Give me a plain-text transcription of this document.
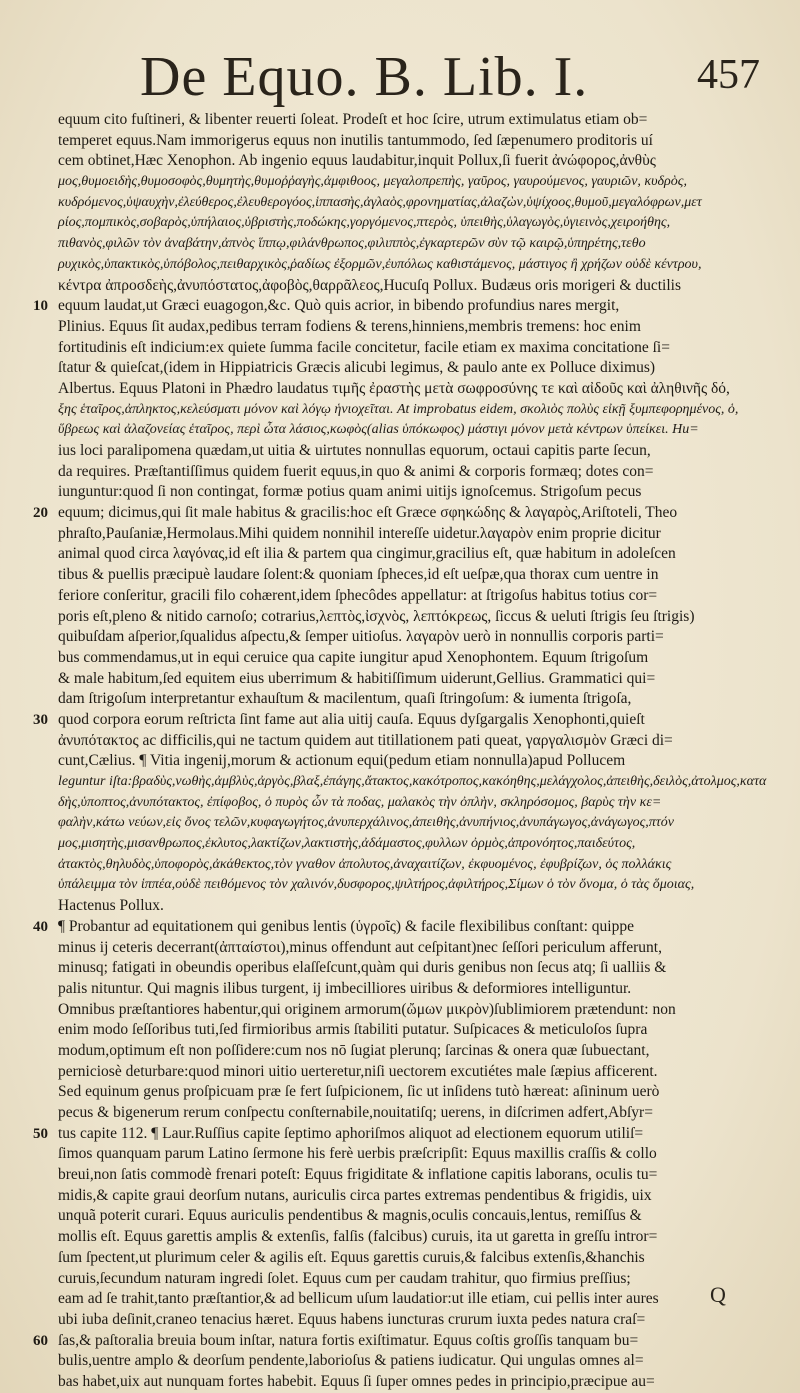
De Equo. B. Lib. I.	457
equum cito fuſtineri, & libenter reuerti ſoleat. Prodeſt et hoc ſcire, utrum extimulatus etiam ob=
temperet equus.Nam immorigerus equus non inutilis tantummodo, ſed ſæpenumero proditoris uí
cem obtinet,Hæc Xenophon. Ab ingenio equus laudabitur,inquit Pollux,ſi fuerit ἀνώφορος,ἀνθὺς
μος,θυμοειδὴς,θυμοσοφὸς,θυμητὴς,θυμοῤῥαγὴς,ἀμφιθοος, μεγαλοπρεπὴς, γαῦρος, γαυρούμενος, γαυριῶν, κυδρὸς,
κυδρόμενος,ὑψαυχὴν,ἐλεύθερος,ἐλευθερογόος,ἱππασὴς,ἀγλαὸς,φρονηματίας,ἀλαζὼν,ὑψίχοος,θυμοῦ,μεγαλόφρων,μετ
ρίος,πομπικὸς,σοβαρὸς,ὑπήλαιος,ὑβριστὴς,ποδώκης,γοργόμενος,πτερὸς, ὑπειθὴς,ὑλαγωγὸς,ὑγιεινὸς,χειροήθης,
πιθανὸς,φιλῶν τὸν ἀναβάτην,ἀπνὸς ἵππῳ,φιλάνθρωπος,φιλιππὸς,ἐγκαρτερῶν σὺν τῷ καιρῷ,ὑπηρέτης,τεθο
ρυχικὸς,ὑπακτικὸς,ὑπόβολος,πειθαρχικὸς,ῥαδίως ἐξορμῶν,ἐυπόλως καθιστάμενος, μάστιγος ἢ χρήζων οὐδὲ κέντρου,
κέντρα ἀπροσδεὴς,ἀνυπόστατος,ἀφοβὸς,θαρρᾶλεος,Hucuſq Pollux. Budæus oris morigeri & ductilis
10 equum laudat,ut Græci euagogon,&c. Quò quis acrior, in bibendo profundius nares mergit,
Plinius. Equus ſit audax,pedibus terram fodiens & terens,hinniens,membris tremens: hoc enim
fortitudinis eſt indicium:ex quiete ſumma facile concitetur, facile etiam ex maxima concitatione ſi=
ſtatur & quieſcat,(idem in Hippiatricis Græcis alicubi legimus, & paulo ante ex Polluce diximus)
Albertus. Equus Platoni in Phædro laudatus τιμῆς ἐραστὴς μετὰ σωφροσύνης τε καὶ αἰδοῦς καὶ ἀληθινῆς δό,
ξης ἑταῖρος,ἀπληκτος,κελεύσματι μόνον καὶ λόγῳ ἡνιοχεῖται. At improbatus eidem, σκολιὸς πολὺς εἰκῇ ξυμπεφορημένος, ὁ,
ὕβρεως καὶ ἀλαζονείας ἑταῖρος, περὶ ὦτα λάσιος,κωφὸς(alias ὑπόκωφος) μάστιγι μόνον μετὰ κέντρων ὑπείκει. Hu=
ius loci paralipomena quædam,ut uitia & uirtutes nonnullas equorum, octaui capitis parte ſecun,
da requires. Præſtantiſſimus quidem fuerit equus,in quo & animi & corporis formæq; dotes con=
iunguntur:quod ſi non contingat, formæ potius quam animi uitijs ignoſcemus. Strigoſum pecus
20 equum; dicimus,qui ſit male habitus & gracilis:hoc eſt Græce σφηκώδης & λαγαρὸς,Ariſtoteli, Theo
phraſto,Pauſaniæ,Hermolaus.Mihi quidem nonnihil intereſſe uidetur.λαγαρὸν enim proprie dicitur
animal quod circa λαγόνας,id eſt ilia & partem qua cingimur,gracilius eſt, quæ habitum in adoleſcen
tibus & puellis præcipuè laudare ſolent:& quoniam ſpheces,id eſt ueſpæ,qua thorax cum uentre in
feriore conſeritur, gracili filo cohærent,idem ſphecôdes appellatur: at ſtrigoſus habitus totius cor=
poris eſt,pleno & nitido carnoſo; cotrarius,λεπτὸς,ἰσχνὸς, λεπτόκρεως, ſiccus & ueluti ſtrigis ſeu ſtrigis)
quibuſdam aſperior,ſqualidus aſpectu,& ſemper uitioſus. λαγαρὸν uerò in nonnullis corporis parti=
bus commendamus,ut in equi ceruice qua capite iungitur apud Xenophontem. Equum ſtrigoſum
& male habitum,ſed equitem eius uberrimum & habitiſſimum uiderunt,Gellius. Grammatici qui=
dam ſtrigoſum interpretantur exhauſtum & macilentum, quaſi ſtringoſum: & iumenta ſtrigoſa,
30 quod corpora eorum reſtricta ſint fame aut alia uitij cauſa. Equus dyſgargalis Xenophonti,quieſt
ἀνυπότακτος ac difficilis,qui ne tactum quidem aut titillationem pati queat, γαργαλισμὸν Græci di=
cunt,Cælius. ¶ Vitia ingenij,morum & actionum equi(pedum etiam nonnulla)apud Pollucem
leguntur iſta:βραδὺς,νωθὴς,ἀμβλὺς,ἀργὸς,βλαξ,ἐπάγης,ἄτακτος,κακότροπος,κακόηθης,μελάγχολος,ἀπειθὴς,δειλὸς,ἀτολμος,κατα
δὴς,ὑποπτος,ἀνυπότακτος, ἐπίφοβος, ὁ πυρὸς ὦν τὰ ποδας, μαλακὸς τὴν ὀπλὴν, σκληρόσομος, βαρὺς τὴν κε=
φαλὴν,κάτω νεύων,εἰς ὄνος τελῶν,κυφαγωγήτος,ἀνυπερχάλινος,ἀπειθὴς,ἀνυπήνιος,ἀνυπάγωγος,ἀνάγωγος,πτόν
μος,μισητὴς,μισανθρωπος,ἐκλυτος,λακτίζων,λακτιστὴς,ἀδάμαστος,φυλλων ὀρμὸς,ἀπρονόητος,παιδεύτος,
ἀτακτὸς,θηλυδὸς,ὑποφορὸς,ἀκάθεκτος,τὸν γναθον ἀπολυτος,ἀναχαιτίζων, ἐκφυομένος, ἐφυβρίζων, ὁς πολλάκις
ὑπάλειμμα τὸν ἱππέα,οὐδὲ πειθόμενος τὸν χαλινόν,δυσφορος,ψιλτήρος,ἀφιλτήρος,Σίμων ὁ τὸν ὄνομα, ὁ τὰς ὅμοιας,
Hactenus Pollux.
40 ¶ Probantur ad equitationem qui genibus lentis (ὑγροῖς) & facile flexibilibus conſtant: quippe
minus ij ceteris decerrant(ἀπταίστοι),minus offendunt aut ceſpitant)nec ſeſſori periculum afferunt,
minusq; fatigati in obeundis operibus elaſſeſcunt,quàm qui duris genibus non ſecus atq; ſi ualliis &
palis nituntur. Qui magnis ilibus turgent, ij imbecilliores uiribus & deformiores intelliguntur.
Omnibus præſtantiores habentur,qui originem armorum(ὤμων μικρὸν)ſublimiorem prætendunt: non
enim modo ſeſſoribus tuti,ſed firmioribus armis ſtabiliti putatur. Suſpicaces & meticuloſos ſupra
modum,optimum eſt non poſſidere:cum nos nō ſugiat plerunq; ſarcinas & onera quæ ſubuectant,
perniciosè deturbare:quod minori uitio uerteretur,niſi uectorem excutiétes male ſæpius afficerent.
Sed equinum genus proſpicuam præ ſe fert ſuſpicionem, ſic ut inſidens tutò hæreat: aſininum uerò
pecus & bigenerum rerum conſpectu conſternabile,nouitatiſq; uerens, in diſcrimen adfert,Abſyr=
50 tus capite 112. ¶ Laur.Ruſſius capite ſeptimo aphoriſmos aliquot ad electionem equorum utiliſ=
ſimos quanquam parum Latino ſermone his ferè uerbis præſcripſit: Equus maxillis craſſis & collo
breui,non ſatis commodè frenari poteſt: Equus frigiditate & inflatione capitis laborans, oculis tu=
midis,& capite graui deorſum nutans, auriculis circa partes extremas pendentibus & frigidis, uix
unquã poterit curari. Equus auriculis pendentibus & magnis,oculis concauis,lentus, remiſſus &
mollis eſt. Equus garettis amplis & extenſis, falſis (falcibus) curuis, ita ut garetta in greſſu intror=
ſum ſpectent,ut plurimum celer & agilis eſt. Equus garettis curuis,& falcibus extenſis,&hanchis
curuis,ſecundum naturam ingredi ſolet. Equus cum per caudam trahitur, quo firmius preſſius;
eam ad ſe trahit,tanto præſtantior,& ad bellicum uſum laudatior:ut ille etiam, cui pellis inter aures
ubi iuba deſinit,craneo tenacius hæret. Equus habens iuncturas crurum iuxta pedes natura craſ=
60 ſas,& paſtoralia breuia boum inſtar, natura fortis exiſtimatur. Equus coſtis groſſis tanquam bu=
bulis,uentre amplo & deorſum pendente,laborioſus & patiens iudicatur. Qui ungulas omnes al=
bas habet,uix aut nunquam fortes habebit. Equus ſi ſuper omnes pedes in principio,præcipue au=
Q
